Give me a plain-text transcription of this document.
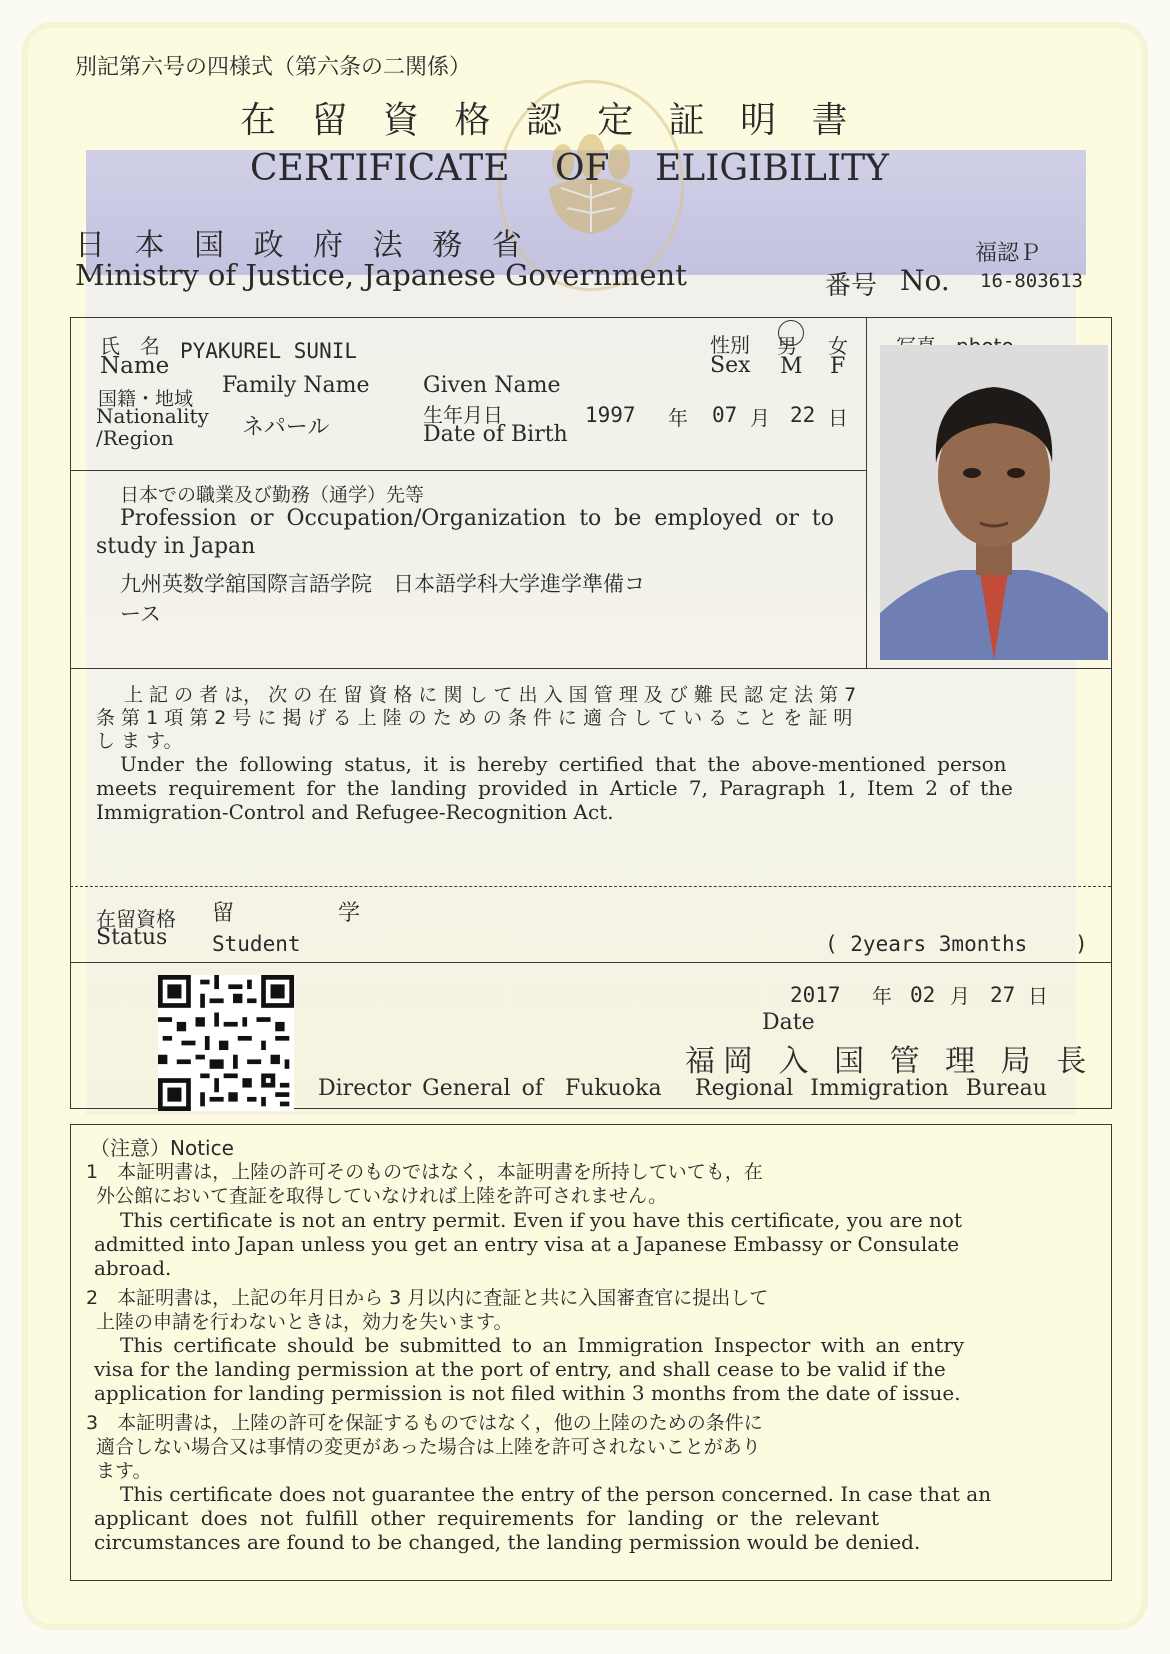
別記第六号の四様式（第六条の二関係）
在 留 資 格 認 定 証 明 書
CERTIFICATE OF ELIGIBILITY
日 本 国 政 府 法 務 省
Ministry of Justice, Japanese Government
福認Ｐ
番号 No. 16-803613
氏　名
Name
PYAKUREL SUNIL
Family Name Given Name
性別
Sex
男 女
M F
国籍・地域
Nationality
/Region	ネパール	生年月日
Date of Birth
1997 年 07 月 22 日
日本での職業及び勤務（通学）先等
Profession or Occupation/Organization to be employed or to
study in Japan
九州英数学舘国際言語学院　日本語学科大学進学準備コ
ース
上 記 の 者 は， 次 の 在 留 資 格 に 関 し て 出 入 国 管 理 及 び 難 民 認 定 法 第 7
条 第 1 項 第 2 号 に 掲 げ る 上 陸 の た め の 条 件 に 適 合 し て い る こ と を 証 明
し ま す。
Under the following status, it is hereby certified that the above-mentioned person
meets requirement for the landing provided in Article 7, Paragraph 1, Item 2 of the
Immigration-Control and Refugee-Recognition Act.
在留資格
Status
留	学
Student	( 2years 3months )
2017 年 02 月 27 日
Date
福岡 入 国 管 理 局 長
Director General of Fukuoka Regional Immigration Bureau
（注意）Notice
1　本証明書は，上陸の許可そのものではなく，本証明書を所持していても，在
外公館において査証を取得していなければ上陸を許可されません。
This certificate is not an entry permit. Even if you have this certificate, you are not
admitted into Japan unless you get an entry visa at a Japanese Embassy or Consulate
abroad.
2　本証明書は，上記の年月日から 3 月以内に査証と共に入国審査官に提出して
上陸の申請を行わないときは，効力を失います。
This certificate should be submitted to an Immigration Inspector with an entry
visa for the landing permission at the port of entry, and shall cease to be valid if the
application for landing permission is not filed within 3 months from the date of issue.
3　本証明書は，上陸の許可を保証するものではなく，他の上陸のための条件に
適合しない場合又は事情の変更があった場合は上陸を許可されないことがあり
ます。
This certificate does not guarantee the entry of the person concerned. In case that an
applicant does not fulfill other requirements for landing or the relevant
circumstances are found to be changed, the landing permission would be denied.
